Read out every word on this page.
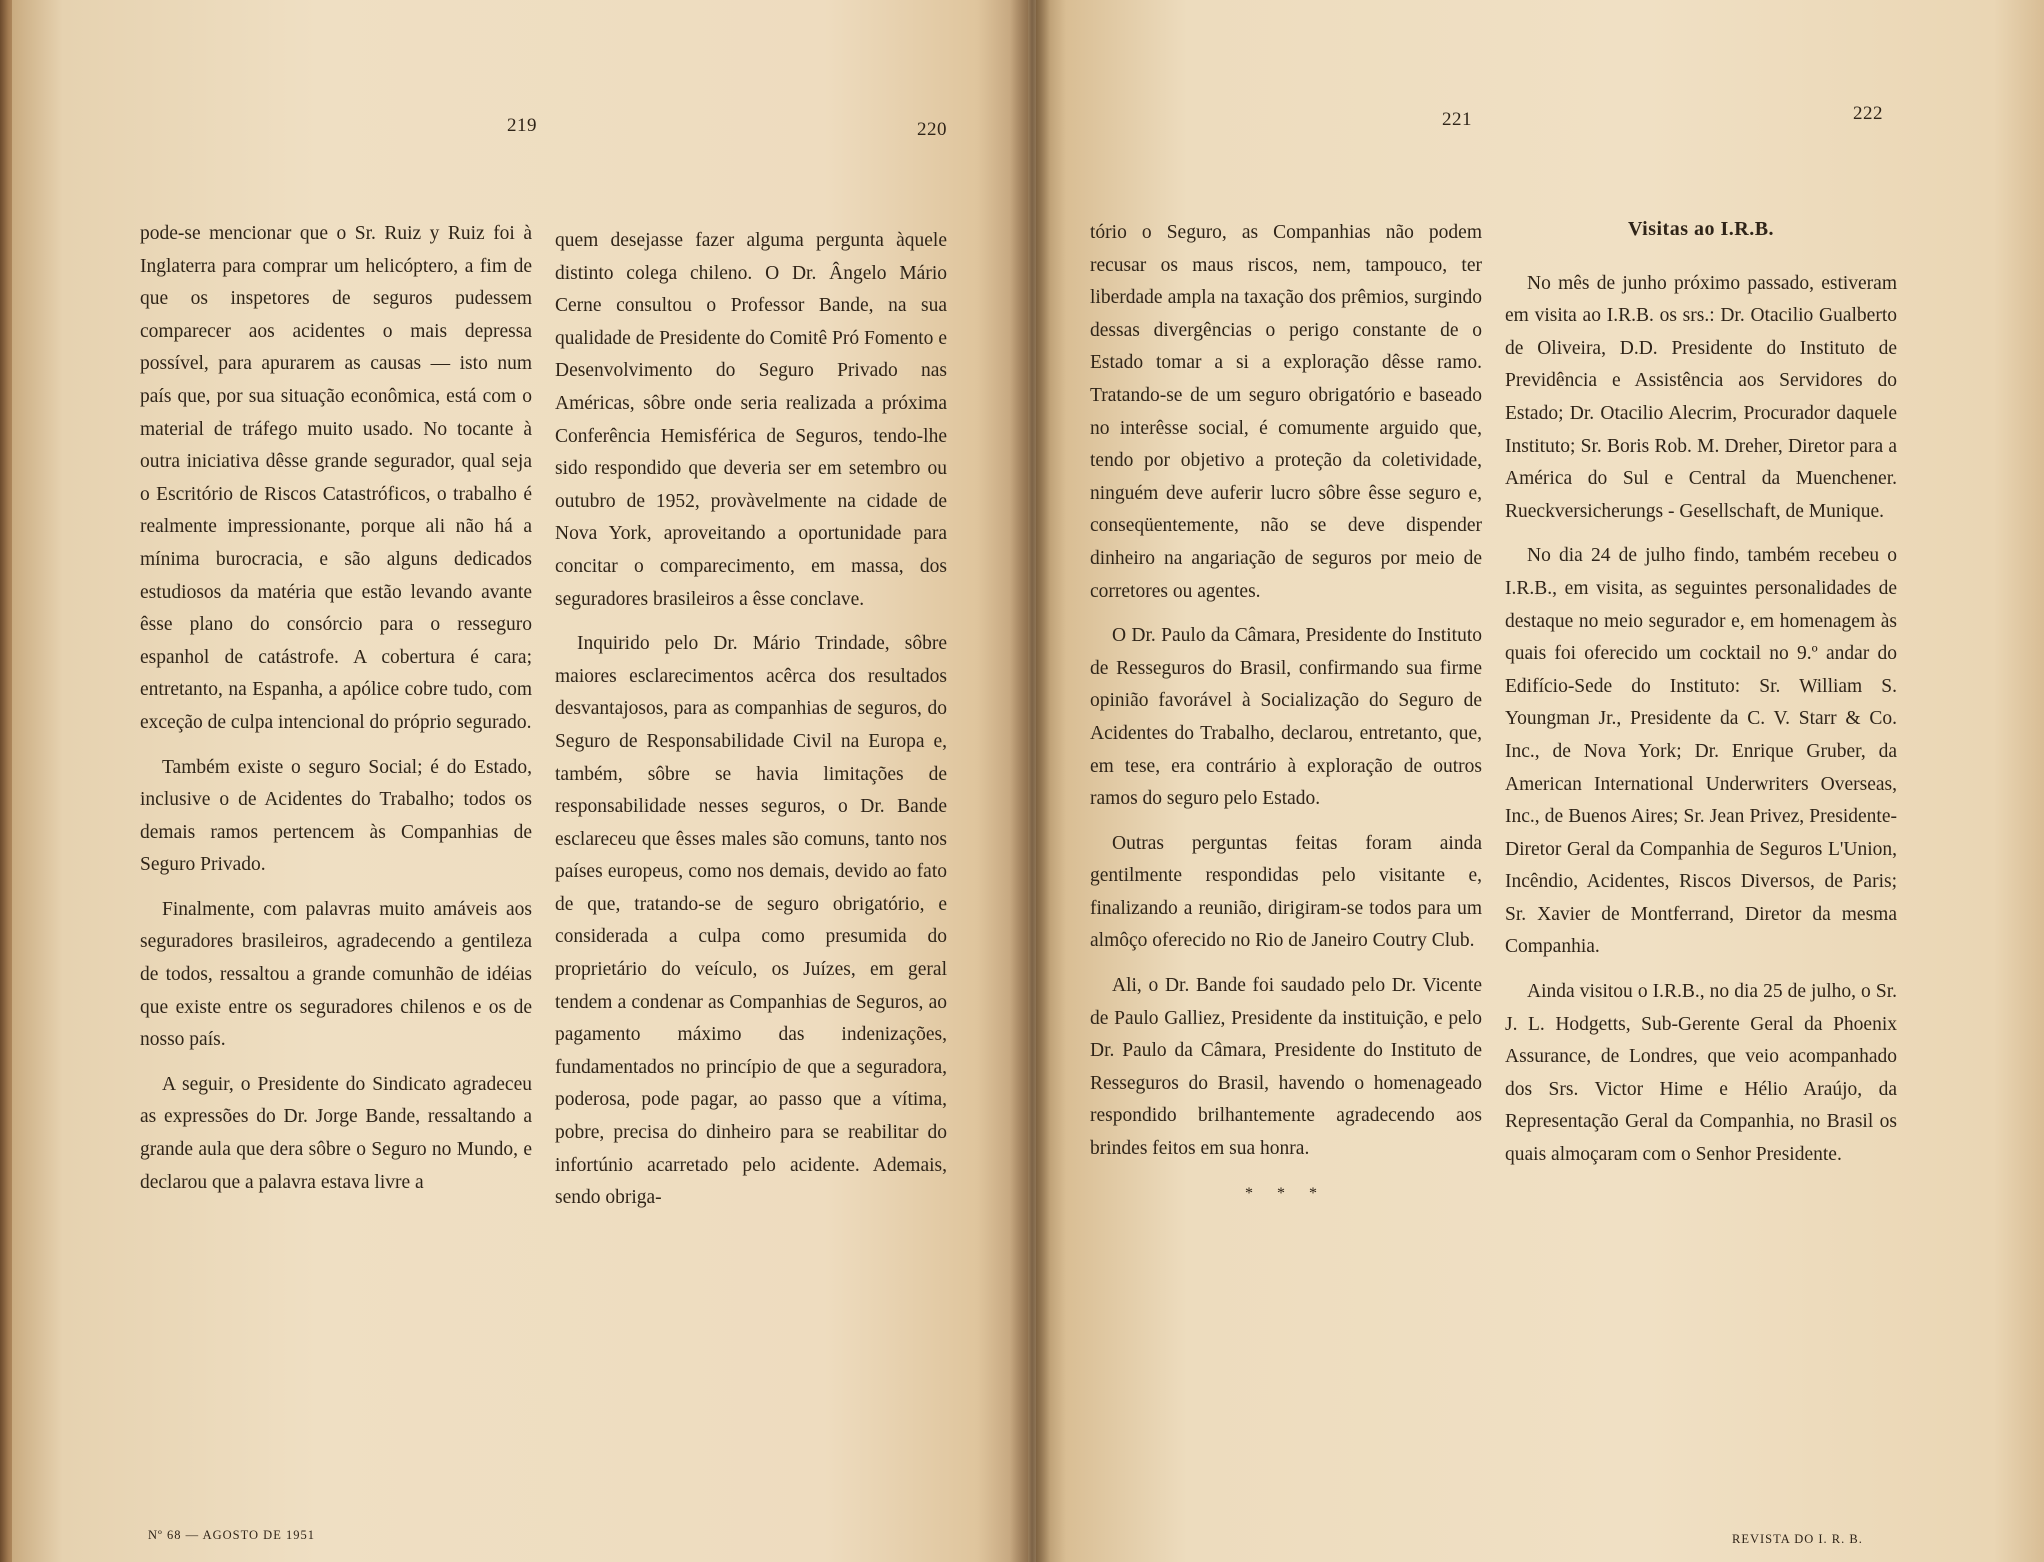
219	220	221	222

pode-se mencionar que o Sr. Ruiz y Ruiz foi à Inglaterra para comprar um helicóptero, a fim de que os inspetores de seguros pudessem comparecer aos acidentes o mais depressa possível, para apurarem as causas — isto num país que, por sua situação econômica, está com o material de tráfego muito usado. No tocante à outra iniciativa dêsse grande segurador, qual seja o Escritório de Riscos Catastróficos, o trabalho é realmente impressionante, porque ali não há a mínima burocracia, e são alguns dedicados estudiosos da matéria que estão levando avante êsse plano do consórcio para o resseguro espanhol de catástrofe. A cobertura é cara; entretanto, na Espanha, a apólice cobre tudo, com exceção de culpa intencional do próprio segurado.

Também existe o seguro Social; é do Estado, inclusive o de Acidentes do Trabalho; todos os demais ramos pertencem às Companhias de Seguro Privado.

Finalmente, com palavras muito amáveis aos seguradores brasileiros, agradecendo a gentileza de todos, ressaltou a grande comunhão de idéias que existe entre os seguradores chilenos e os de nosso país.

A seguir, o Presidente do Sindicato agradeceu as expressões do Dr. Jorge Bande, ressaltando a grande aula que dera sôbre o Seguro no Mundo, e declarou que a palavra estava livre a

quem desejasse fazer alguma pergunta àquele distinto colega chileno. O Dr. Ângelo Mário Cerne consultou o Professor Bande, na sua qualidade de Presidente do Comitê Pró Fomento e Desenvolvimento do Seguro Privado nas Américas, sôbre onde seria realizada a próxima Conferência Hemisférica de Seguros, tendo-lhe sido respondido que deveria ser em setembro ou outubro de 1952, provàvelmente na cidade de Nova York, aproveitando a oportunidade para concitar o comparecimento, em massa, dos seguradores brasileiros a êsse conclave.

Inquirido pelo Dr. Mário Trindade, sôbre maiores esclarecimentos acêrca dos resultados desvantajosos, para as companhias de seguros, do Seguro de Responsabilidade Civil na Europa e, também, sôbre se havia limitações de responsabilidade nesses seguros, o Dr. Bande esclareceu que êsses males são comuns, tanto nos países europeus, como nos demais, devido ao fato de que, tratando-se de seguro obrigatório, e considerada a culpa como presumida do proprietário do veículo, os Juízes, em geral tendem a condenar as Companhias de Seguros, ao pagamento máximo das indenizações, fundamentados no princípio de que a seguradora, poderosa, pode pagar, ao passo que a vítima, pobre, precisa do dinheiro para se reabilitar do infortúnio acarretado pelo acidente. Ademais, sendo obriga-

tório o Seguro, as Companhias não podem recusar os maus riscos, nem, tampouco, ter liberdade ampla na taxação dos prêmios, surgindo dessas divergências o perigo constante de o Estado tomar a si a exploração dêsse ramo. Tratando-se de um seguro obrigatório e baseado no interêsse social, é comumente arguido que, tendo por objetivo a proteção da coletividade, ninguém deve auferir lucro sôbre êsse seguro e, conseqüentemente, não se deve dispender dinheiro na angariação de seguros por meio de corretores ou agentes.

O Dr. Paulo da Câmara, Presidente do Instituto de Resseguros do Brasil, confirmando sua firme opinião favorável à Socialização do Seguro de Acidentes do Trabalho, declarou, entretanto, que, em tese, era contrário à exploração de outros ramos do seguro pelo Estado.

Outras perguntas feitas foram ainda gentilmente respondidas pelo visitante e, finalizando a reunião, dirigiram-se todos para um almôço oferecido no Rio de Janeiro Coutry Club.

Ali, o Dr. Bande foi saudado pelo Dr. Vicente de Paulo Galliez, Presidente da instituição, e pelo Dr. Paulo da Câmara, Presidente do Instituto de Resseguros do Brasil, havendo o homenageado respondido brilhantemente agradecendo aos brindes feitos em sua honra.

* * *
Visitas ao I.R.B.

No mês de junho próximo passado, estiveram em visita ao I.R.B. os srs.: Dr. Otacilio Gualberto de Oliveira, D.D. Presidente do Instituto de Previdência e Assistência aos Servidores do Estado; Dr. Otacilio Alecrim, Procurador daquele Instituto; Sr. Boris Rob. M. Dreher, Diretor para a América do Sul e Central da Muenchener. Rueckversicherungs - Gesellschaft, de Munique.

No dia 24 de julho findo, também recebeu o I.R.B., em visita, as seguintes personalidades de destaque no meio segurador e, em homenagem às quais foi oferecido um cocktail no 9.º andar do Edifício-Sede do Instituto: Sr. William S. Youngman Jr., Presidente da C. V. Starr & Co. Inc., de Nova York; Dr. Enrique Gruber, da American International Underwriters Overseas, Inc., de Buenos Aires; Sr. Jean Privez, Presidente-Diretor Geral da Companhia de Seguros L'Union, Incêndio, Acidentes, Riscos Diversos, de Paris; Sr. Xavier de Montferrand, Diretor da mesma Companhia.

Ainda visitou o I.R.B., no dia 25 de julho, o Sr. J. L. Hodgetts, Sub-Gerente Geral da Phoenix Assurance, de Londres, que veio acompanhado dos Srs. Victor Hime e Hélio Araújo, da Representação Geral da Companhia, no Brasil os quais almoçaram com o Senhor Presidente.

Nº 68 — AGOSTO DE 1951	REVISTA DO I. R. B.
